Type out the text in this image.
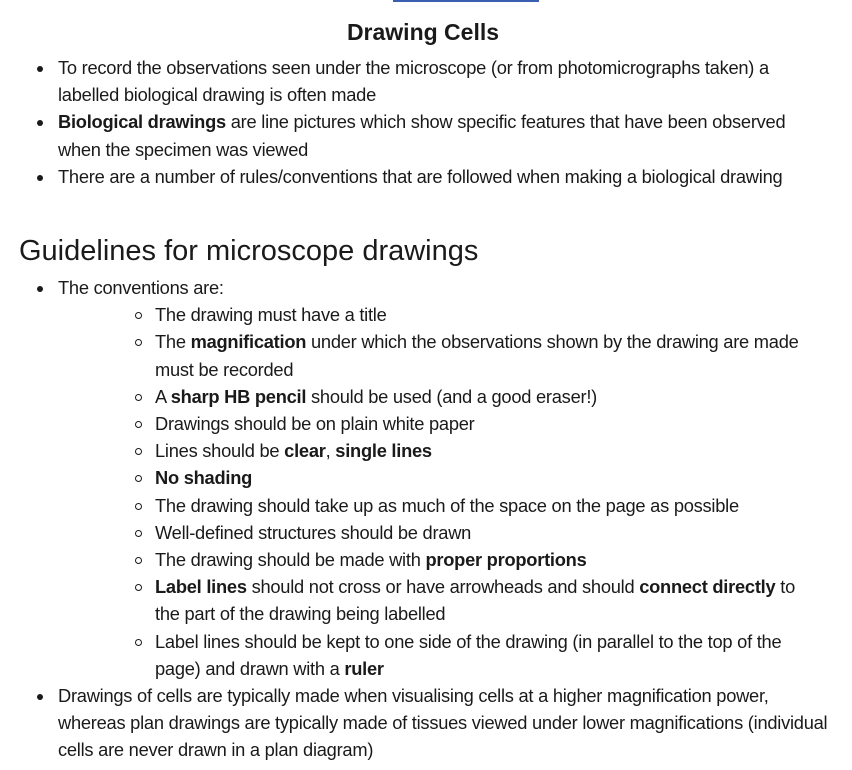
Drawing Cells
To record the observations seen under the microscope (or from photomicrographs taken) a labelled biological drawing is often made
Biological drawings are line pictures which show specific features that have been observed when the specimen was viewed
There are a number of rules/conventions that are followed when making a biological drawing
Guidelines for microscope drawings
The conventions are:
The drawing must have a title
The magnification under which the observations shown by the drawing are made must be recorded
A sharp HB pencil should be used (and a good eraser!)
Drawings should be on plain white paper
Lines should be clear, single lines
No shading
The drawing should take up as much of the space on the page as possible
Well-defined structures should be drawn
The drawing should be made with proper proportions
Label lines should not cross or have arrowheads and should connect directly to the part of the drawing being labelled
Label lines should be kept to one side of the drawing (in parallel to the top of the page) and drawn with a ruler
Drawings of cells are typically made when visualising cells at a higher magnification power, whereas plan drawings are typically made of tissues viewed under lower magnifications (individual cells are never drawn in a plan diagram)
